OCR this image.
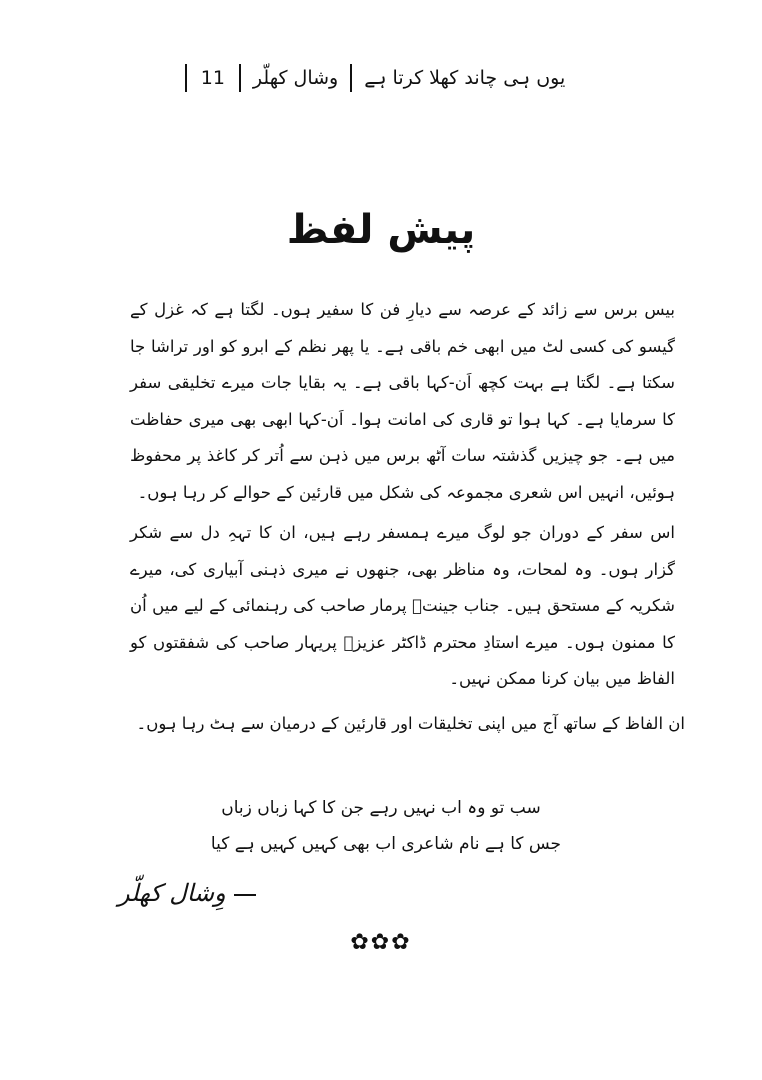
یوں ہی چاند کھلا کرتا ہے
وشال کھلّر
11
پیش لفظ

بیس برس سے زائد کے عرصہ سے دیارِ فن کا سفیر ہوں۔ لگتا ہے کہ غزل کے گیسو کی کسی لٹ میں ابھی خم باقی ہے۔ یا پھر نظم کے ابرو کو اور تراشا جا سکتا ہے۔ لگتا ہے بہت کچھ اَن-کہا باقی ہے۔ یہ بقایا جات میرے تخلیقی سفر کا سرمایا ہے۔ کہا ہوا تو قاری کی امانت ہوا۔ اَن-کہا ابھی بھی میری حفاظت میں ہے۔ جو چیزیں گذشتہ سات آٹھ برس میں ذہن سے اُتر کر کاغذ پر محفوظ ہوئیں، انہیں اس شعری مجموعہ کی شکل میں قارئین کے حوالے کر رہا ہوں۔

اس سفر کے دوران جو لوگ میرے ہمسفر رہے ہیں، ان کا تہہِ دل سے شکر گزار ہوں۔ وہ لمحات، وہ مناظر بھی، جنھوں نے میری ذہنی آبیاری کی، میرے شکریہ کے مستحق ہیں۔ جناب جینتؔ پرمار صاحب کی رہنمائی کے لیے میں اُن کا ممنون ہوں۔ میرے استادِ محترم ڈاکٹر عزیزؔ پریہار صاحب کی شفقتوں کو الفاظ میں بیان کرنا ممکن نہیں۔

ان الفاظ کے ساتھ آج میں اپنی تخلیقات اور قارئین کے درمیان سے ہٹ رہا ہوں۔

سب تو وہ اب نہیں رہے جن کا کہا زباں زباں
جس کا ہے نام شاعری اب بھی کہیں کہیں ہے کیا
وِشال کھلّر
✿✿✿
